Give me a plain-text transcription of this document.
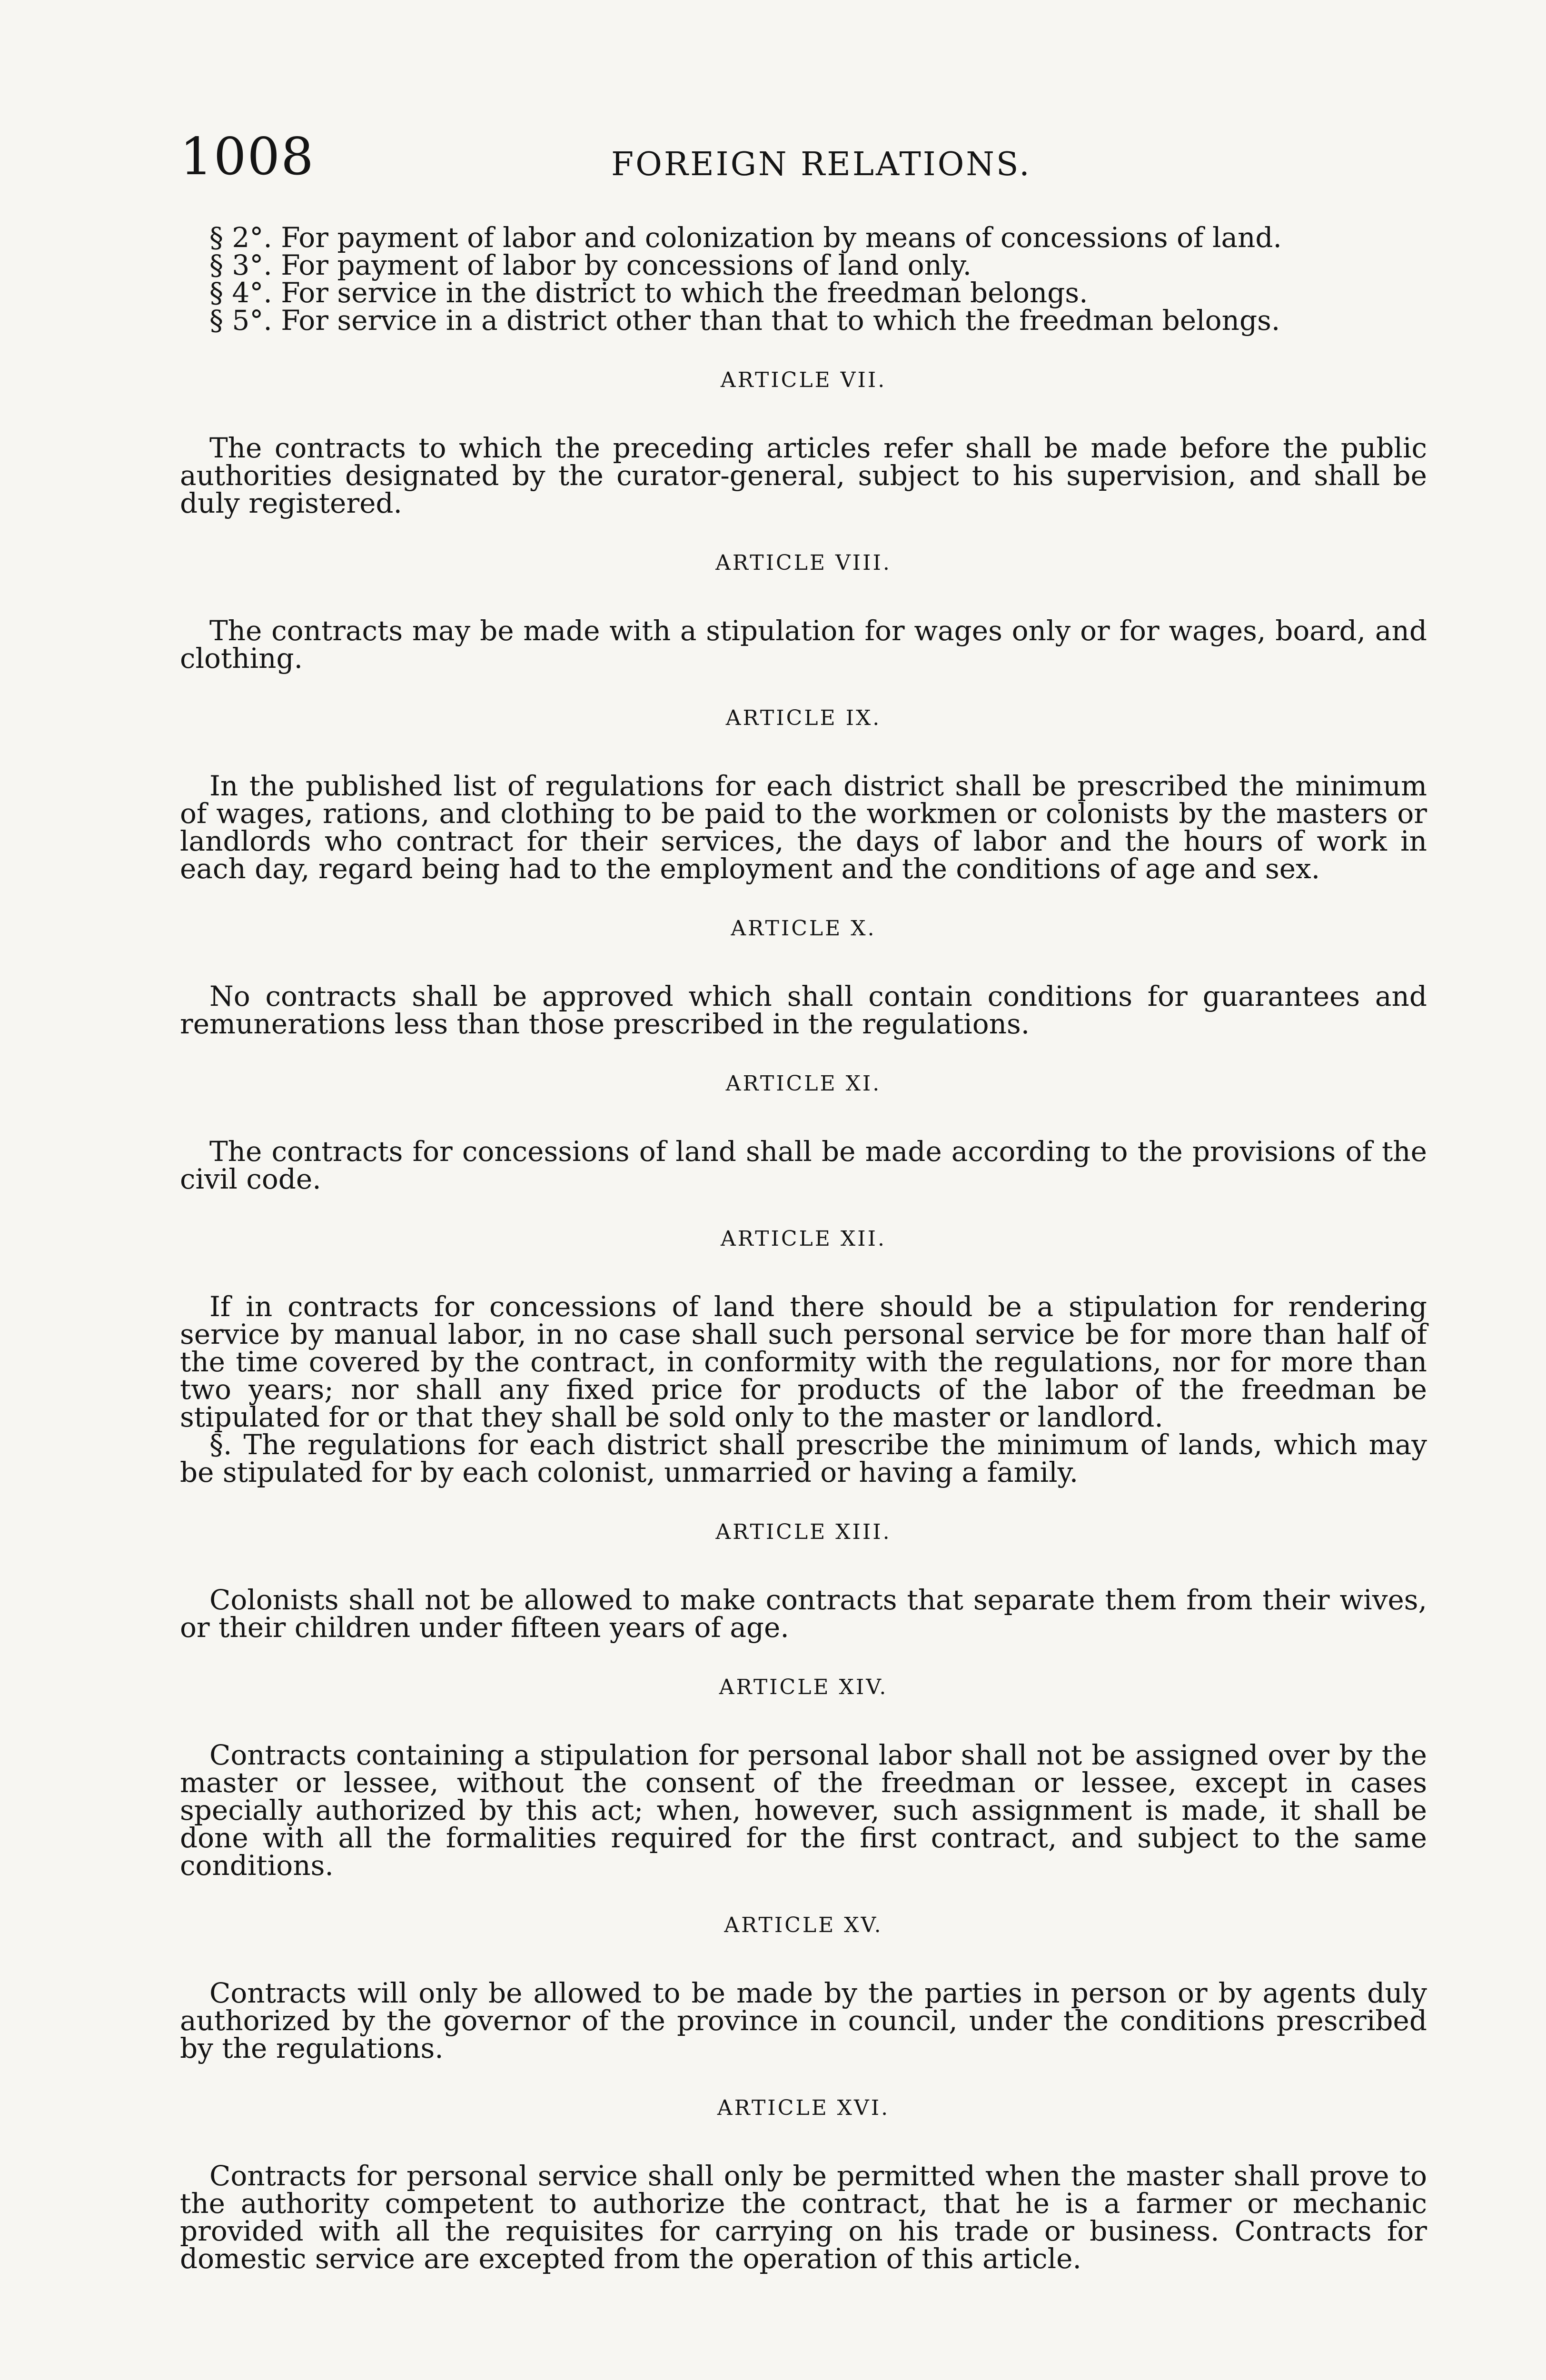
1008	FOREIGN RELATIONS.
§ 2°. For payment of labor and colonization by means of concessions of land.
§ 3°. For payment of labor by concessions of land only.
§ 4°. For service in the district to which the freedman belongs.
§ 5°. For service in a district other than that to which the freedman belongs.
ARTICLE VII.

The contracts to which the preceding articles refer shall be made before the public authorities designated by the curator-general, subject to his supervision, and shall be duly registered.

ARTICLE VIII.

The contracts may be made with a stipulation for wages only or for wages, board, and clothing.

ARTICLE IX.

In the published list of regulations for each district shall be prescribed the minimum of wages, rations, and clothing to be paid to the workmen or colonists by the masters or landlords who contract for their services, the days of labor and the hours of work in each day, regard being had to the employment and the conditions of age and sex.

ARTICLE X.

No contracts shall be approved which shall contain conditions for guarantees and remunerations less than those prescribed in the regulations.

ARTICLE XI.

The contracts for concessions of land shall be made according to the provisions of the civil code.

ARTICLE XII.

If in contracts for concessions of land there should be a stipulation for rendering service by manual labor, in no case shall such personal service be for more than half of the time covered by the contract, in conformity with the regulations, nor for more than two years; nor shall any fixed price for products of the labor of the freedman be stipulated for or that they shall be sold only to the master or landlord.

§. The regulations for each district shall prescribe the minimum of lands, which may be stipulated for by each colonist, unmarried or having a family.

ARTICLE XIII.

Colonists shall not be allowed to make contracts that separate them from their wives, or their children under fifteen years of age.

ARTICLE XIV.

Contracts containing a stipulation for personal labor shall not be assigned over by the master or lessee, without the consent of the freedman or lessee, except in cases specially authorized by this act; when, however, such assignment is made, it shall be done with all the formalities required for the first contract, and subject to the same conditions.

ARTICLE XV.

Contracts will only be allowed to be made by the parties in person or by agents duly authorized by the governor of the province in council, under the conditions prescribed by the regulations.

ARTICLE XVI.

Contracts for personal service shall only be permitted when the master shall prove to the authority competent to authorize the contract, that he is a farmer or mechanic provided with all the requisites for carrying on his trade or business. Contracts for domestic service are excepted from the operation of this article.
